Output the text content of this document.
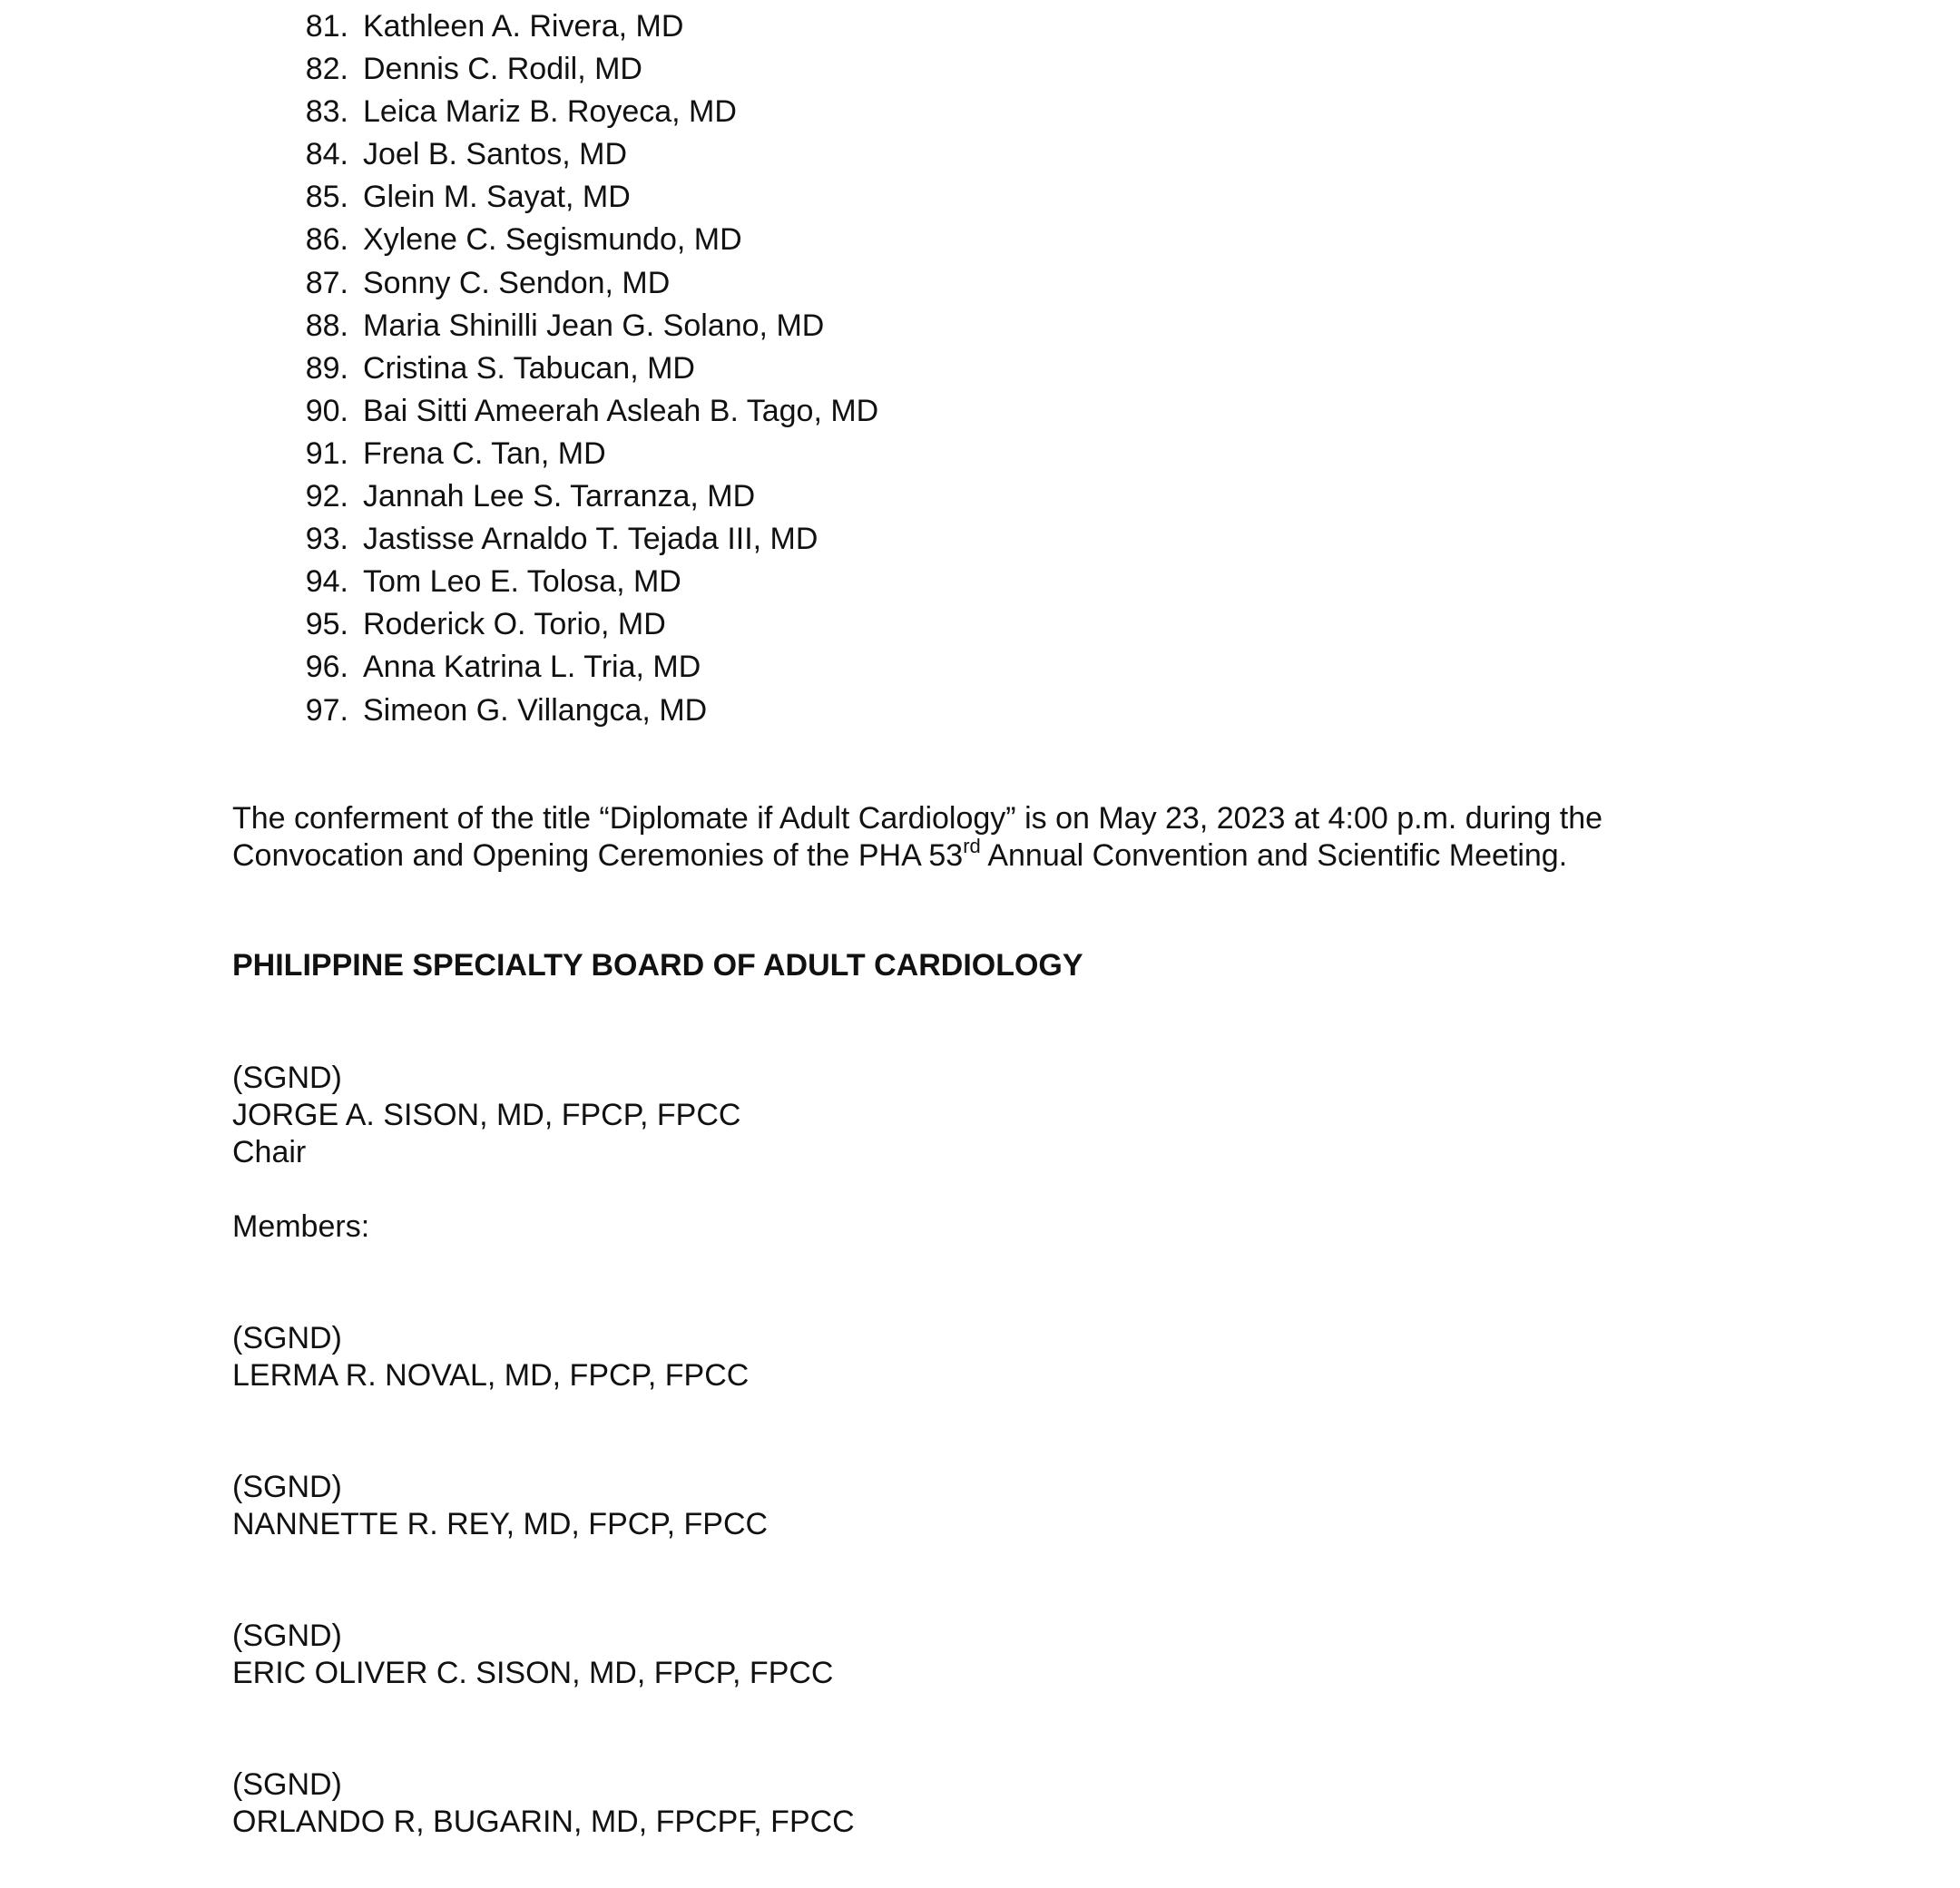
81. Kathleen A. Rivera, MD
82. Dennis C. Rodil, MD
83. Leica Mariz B. Royeca, MD
84. Joel B. Santos, MD
85. Glein M. Sayat, MD
86. Xylene C. Segismundo, MD
87. Sonny C. Sendon, MD
88. Maria Shinilli Jean G. Solano, MD
89. Cristina S. Tabucan, MD
90. Bai Sitti Ameerah Asleah B. Tago, MD
91. Frena C. Tan, MD
92. Jannah Lee S. Tarranza, MD
93. Jastisse Arnaldo T. Tejada III, MD
94. Tom Leo E. Tolosa, MD
95. Roderick O. Torio, MD
96. Anna Katrina L. Tria, MD
97. Simeon G. Villangca, MD

The conferment of the title “Diplomate if Adult Cardiology” is on May 23, 2023 at 4:00 p.m. during the
Convocation and Opening Ceremonies of the PHA 53rd Annual Convention and Scientific Meeting.

PHILIPPINE SPECIALTY BOARD OF ADULT CARDIOLOGY

(SGND)
JORGE A. SISON, MD, FPCP, FPCC
Chair
Members:
(SGND)
LERMA R. NOVAL, MD, FPCP, FPCC
(SGND)
NANNETTE R. REY, MD, FPCP, FPCC
(SGND)
ERIC OLIVER C. SISON, MD, FPCP, FPCC
(SGND)
ORLANDO R, BUGARIN, MD, FPCPF, FPCC
